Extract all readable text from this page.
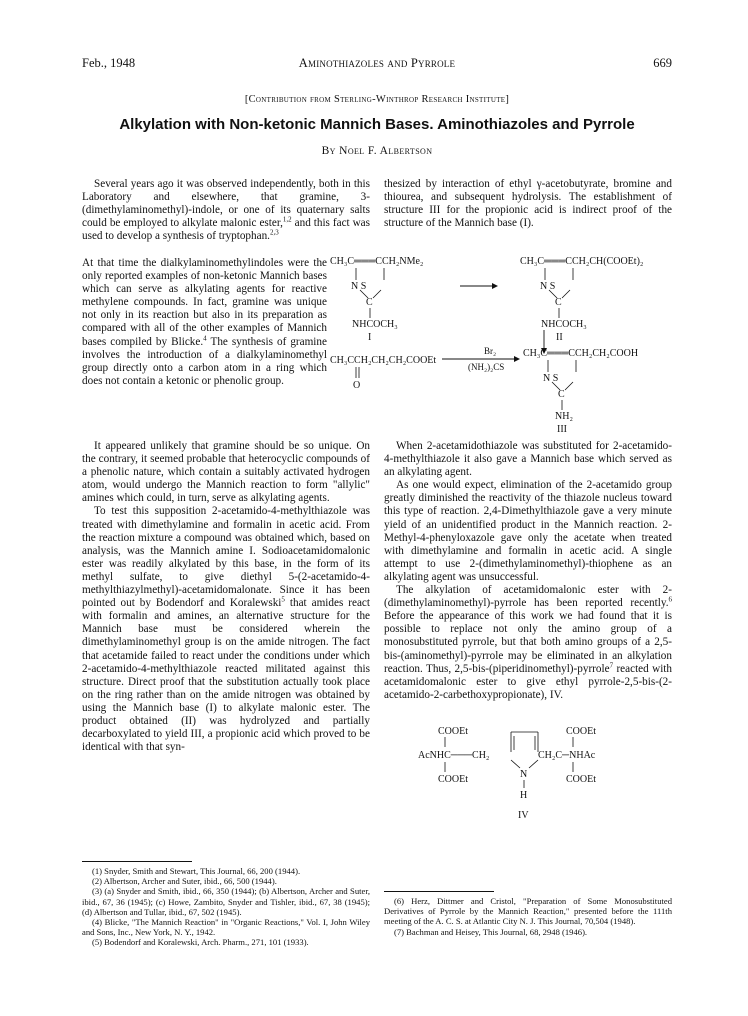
Feb., 1948	Aminothiazoles and Pyrrole	669
[Contribution from Sterling-Winthrop Research Institute]
Alkylation with Non-ketonic Mannich Bases. Aminothiazoles and Pyrrole
By Noel F. Albertson

Several years ago it was observed independently, both in this Laboratory and elsewhere, that gramine, 3-(dimethylaminomethyl)-indole, or one of its quaternary salts could be employed to alkylate malonic ester,$^{1,2}$ and this fact was used to develop a synthesis of tryptophan.$^{2,3}$

At that time the dialkylaminomethylindoles were the only reported examples of non-ketonic Mannich bases which can serve as alkylating agents for reactive methylene compounds. In fact, gramine was unique not only in its reaction but also in its preparation as compared with all of the other examples of Mannich bases compiled by Blicke.$^4$ The synthesis of gramine involves the introduction of a dialkylaminomethyl group directly onto a carbon atom in a ring which does not contain a ketonic or phenolic group.

It appeared unlikely that gramine should be so unique. On the contrary, it seemed probable that heterocyclic compounds of a phenolic nature, which contain a suitably activated hydrogen atom, would undergo the Mannich reaction to form "allylic" amines which could, in turn, serve as alkylating agents.

To test this supposition 2-acetamido-4-methylthiazole was treated with dimethylamine and formalin in acetic acid. From the reaction mixture a compound was obtained which, based on analysis, was the Mannich amine I. Sodioacetamidomalonic ester was readily alkylated by this base, in the form of its methyl sulfate, to give diethyl 5-(2-acetamido-4-methylthiazylmethyl)-acetamidomalonate. Since it has been pointed out by Bodendorf and Koralewski$^5$ that amides react with formalin and amines, an alternative structure for the Mannich base must be considered wherein the dimethylaminomethyl group is on the amide nitrogen. The fact that acetamide failed to react under the conditions under which 2-acetamido-4-methylthiazole reacted militated against this structure. Direct proof that the substitution actually took place on the ring rather than on the amide nitrogen was obtained by using the Mannich base (I) to alkylate malonic ester. The product obtained (II) was hydrolyzed and partially decarboxylated to yield III, a propionic acid which proved to be identical with that syn-

thesized by interaction of ethyl γ-acetobutyrate, bromine and thiourea, and subsequent hydrolysis. The establishment of structure III for the propionic acid is indirect proof of the structure of the Mannich base (I).

CH₃C═══CCH₂NMe₂
N S
C
NHCOCH₃
I
CH₃C═══CCH₂CH(COOEt)₂
N S
C
NHCOCH₃
II
CH₃CCH₂CH₂CH₂COOEt
O
Br₂
(NH₂)₂CS
CH₃C═══CCH₂CH₂COOH
N S
C
NH₂
III

When 2-acetamidothiazole was substituted for 2-acetamido-4-methylthiazole it also gave a Mannich base which served as an alkylating agent.

As one would expect, elimination of the 2-acetamido group greatly diminished the reactivity of the thiazole nucleus toward this type of reaction. 2,4-Dimethylthiazole gave a very minute yield of an unidentified product in the Mannich reaction. 2-Methyl-4-phenyloxazole gave only the acetate when treated with dimethylamine and formalin in acetic acid. A single attempt to use 2-(dimethylaminomethyl)-thiophene as an alkylating agent was unsuccessful.

The alkylation of acetamidomalonic ester with 2-(dimethylaminomethyl)-pyrrole has been reported recently.$^6$ Before the appearance of this work we had found that it is possible to replace not only the amino group of a monosubstituted pyrrole, but that both amino groups of a 2,5-bis-(aminomethyl)-pyrrole may be eliminated in an alkylation reaction. Thus, 2,5-bis-(piperidinomethyl)-pyrrole$^7$ reacted with acetamidomalonic ester to give ethyl pyrrole-2,5-bis-(2-acetamido-2-carbethoxypropionate), IV.

COOEt	COOEt
AcNHC───CH₂	CH₂C─NHAc
N
COOEt	COOEt
H
IV

(1) Snyder, Smith and Stewart, This Journal, 66, 200 (1944).

(2) Albertson, Archer and Suter, ibid., 66, 500 (1944).

(3) (a) Snyder and Smith, ibid., 66, 350 (1944); (b) Albertson, Archer and Suter, ibid., 67, 36 (1945); (c) Howe, Zambito, Snyder and Tishler, ibid., 67, 38 (1945); (d) Albertson and Tullar, ibid., 67, 502 (1945).

(4) Blicke, "The Mannich Reaction" in "Organic Reactions," Vol. I, John Wiley and Sons, Inc., New York, N. Y., 1942.

(5) Bodendorf and Koralewski, Arch. Pharm., 271, 101 (1933).

(6) Herz, Dittmer and Cristol, "Preparation of Some Monosubstituted Derivatives of Pyrrole by the Mannich Reaction," presented before the 111th meeting of the A. C. S. at Atlantic City N. J. This Journal, 70,504 (1948).

(7) Bachman and Heisey, This Journal, 68, 2948 (1946).
